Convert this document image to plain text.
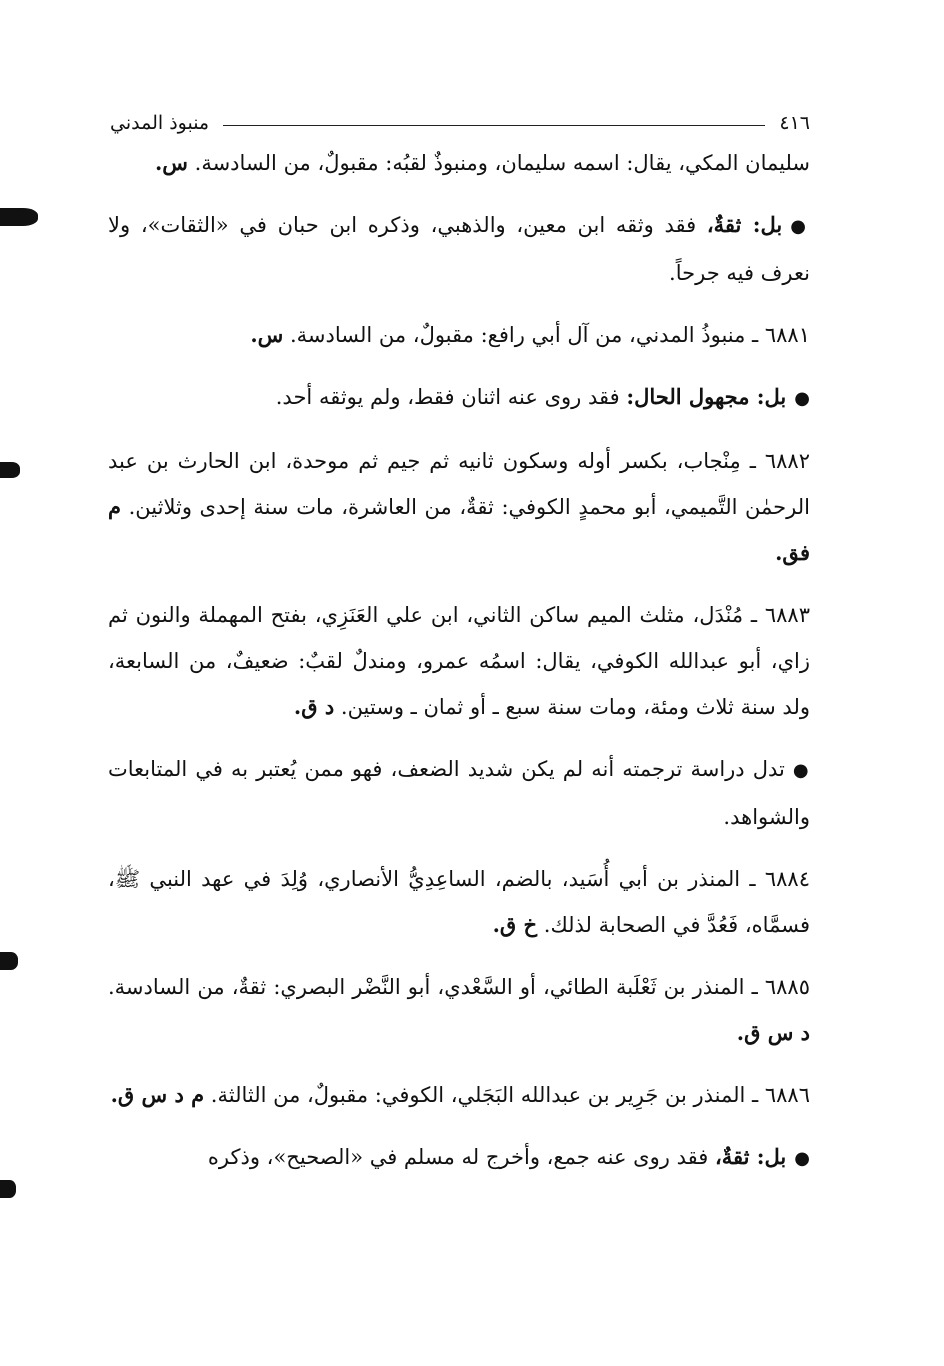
٤١٦
منبوذ المدني

سليمان المكي، يقال: اسمه سليمان، ومنبوذٌ لقبُه: مقبولٌ، من السادسة. س.

●بل: ثقةٌ، فقد وثقه ابن معين، والذهبي، وذكره ابن حبان في «الثقات»، ولا نعرف فيه جرحاً.

٦٨٨١ ـ منبوذُ المدني، من آل أبي رافع: مقبولٌ، من السادسة. س.

●بل: مجهول الحال: فقد روى عنه اثنان فقط، ولم يوثقه أحد.

٦٨٨٢ ـ مِنْجاب، بكسر أوله وسكون ثانيه ثم جيم ثم موحدة، ابن الحارث بن عبد الرحمٰن التَّميمي، أبو محمدٍ الكوفي: ثقةٌ، من العاشرة، مات سنة إحدى وثلاثين. م فق.

٦٨٨٣ ـ مُنْدَل، مثلث الميم ساكن الثاني، ابن علي العَنَزِي، بفتح المهملة والنون ثم زاي، أبو عبدالله الكوفي، يقال: اسمُه عمرو، ومندلٌ لقبٌ: ضعيفٌ، من السابعة، ولد سنة ثلاث ومئة، ومات سنة سبع ـ أو ثمان ـ وستين. د ق.

●تدل دراسة ترجمته أنه لم يكن شديد الضعف، فهو ممن يُعتبر به في المتابعات والشواهد.

٦٨٨٤ ـ المنذر بن أبي أُسَيد، بالضم، الساعِدِيُّ الأنصاري، وُلِدَ في عهد النبي ﷺ، فسمَّاه، فَعُدَّ في الصحابة لذلك. خ ق.

٦٨٨٥ ـ المنذر بن ثَعْلَبة الطائي، أو السَّعْدي، أبو النَّضْر البصري: ثقةٌ، من السادسة. د س ق.

٦٨٨٦ ـ المنذر بن جَرِير بن عبدالله البَجَلي، الكوفي: مقبولٌ، من الثالثة. م د س ق.

●بل: ثقةٌ، فقد روى عنه جمع، وأخرج له مسلم في «الصحيح»، وذكره
